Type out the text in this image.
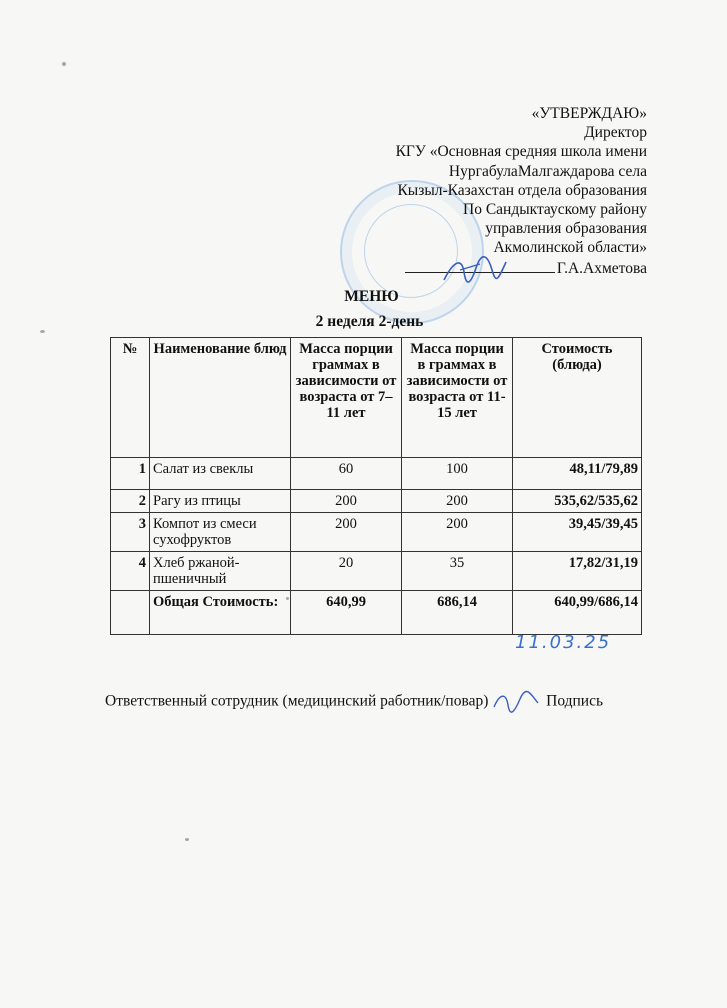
«УТВЕРЖДАЮ»
Директор
КГУ «Основная средняя школа имени
НургабулаМалгаждарова села
Кызыл-Казахстан отдела образования
По Сандыктаускому району
управления образования
Акмолинской области»
Г.А.Ахметова
МЕНЮ
2 неделя 2-день
№	Наименование блюд	Масса порции граммах в зависимости от возраста от 7–11 лет	Масса порции в граммах в зависимости от возраста от 11-15 лет	Стоимость (блюда)
1	Салат из свеклы	60	100	48,11/79,89
2	Рагу из птицы	200	200	535,62/535,62
3	Компот из смеси сухофруктов	200	200	39,45/39,45
4	Хлеб ржаной-пшеничный	20	35	17,82/31,19
	Общая Стоимость:	640,99	686,14	640,99/686,14
11.03.25
Ответственный сотрудник (медицинский работник/повар)	Подпись
